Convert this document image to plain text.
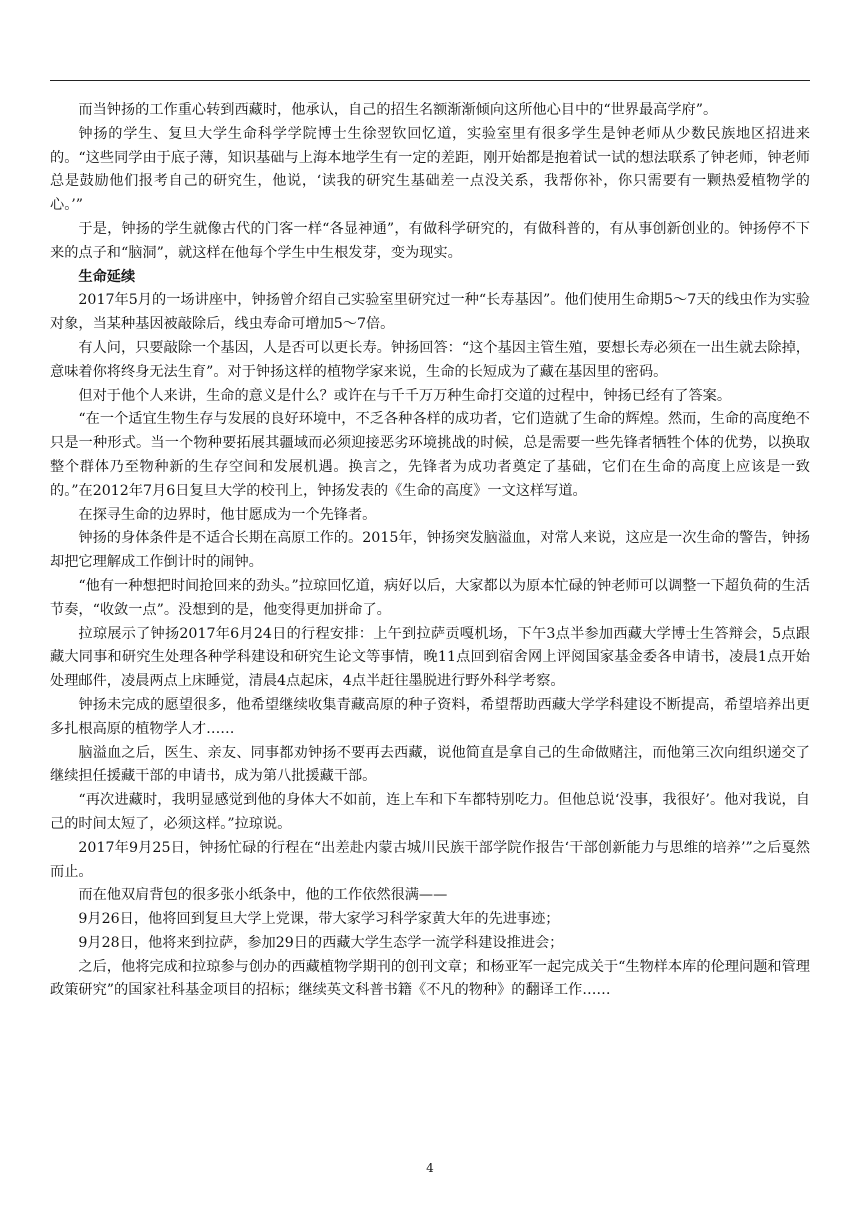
而当钟扬的工作重心转到西藏时，他承认，自己的招生名额渐渐倾向这所他心目中的“世界最高学府”。

钟扬的学生、复旦大学生命科学学院博士生徐翌钦回忆道，实验室里有很多学生是钟老师从少数民族地区招进来的。“这些同学由于底子薄，知识基础与上海本地学生有一定的差距，刚开始都是抱着试一试的想法联系了钟老师，钟老师总是鼓励他们报考自己的研究生，他说，‘读我的研究生基础差一点没关系，我帮你补，你只需要有一颗热爱植物学的心。’”

于是，钟扬的学生就像古代的门客一样“各显神通”，有做科学研究的，有做科普的，有从事创新创业的。钟扬停不下来的点子和“脑洞”，就这样在他每个学生中生根发芽，变为现实。

生命延续

2017年5月的一场讲座中，钟扬曾介绍自己实验室里研究过一种“长寿基因”。他们使用生命期5～7天的线虫作为实验对象，当某种基因被敲除后，线虫寿命可增加5～7倍。

有人问，只要敲除一个基因，人是否可以更长寿。钟扬回答：“这个基因主管生殖，要想长寿必须在一出生就去除掉，意味着你将终身无法生育”。对于钟扬这样的植物学家来说，生命的长短成为了藏在基因里的密码。

但对于他个人来讲，生命的意义是什么？或许在与千千万万种生命打交道的过程中，钟扬已经有了答案。

“在一个适宜生物生存与发展的良好环境中，不乏各种各样的成功者，它们造就了生命的辉煌。然而，生命的高度绝不只是一种形式。当一个物种要拓展其疆域而必须迎接恶劣环境挑战的时候，总是需要一些先锋者牺牲个体的优势，以换取整个群体乃至物种新的生存空间和发展机遇。换言之，先锋者为成功者奠定了基础，它们在生命的高度上应该是一致的。”在2012年7月6日复旦大学的校刊上，钟扬发表的《生命的高度》一文这样写道。

在探寻生命的边界时，他甘愿成为一个先锋者。

钟扬的身体条件是不适合长期在高原工作的。2015年，钟扬突发脑溢血，对常人来说，这应是一次生命的警告，钟扬却把它理解成工作倒计时的闹钟。

“他有一种想把时间抢回来的劲头。”拉琼回忆道，病好以后，大家都以为原本忙碌的钟老师可以调整一下超负荷的生活节奏，“收敛一点”。没想到的是，他变得更加拼命了。

拉琼展示了钟扬2017年6月24日的行程安排：上午到拉萨贡嘎机场，下午3点半参加西藏大学博士生答辩会，5点跟藏大同事和研究生处理各种学科建设和研究生论文等事情，晚11点回到宿舍网上评阅国家基金委各申请书，凌晨1点开始处理邮件，凌晨两点上床睡觉，清晨4点起床，4点半赶往墨脱进行野外科学考察。

钟扬未完成的愿望很多，他希望继续收集青藏高原的种子资料，希望帮助西藏大学学科建设不断提高，希望培养出更多扎根高原的植物学人才……

脑溢血之后，医生、亲友、同事都劝钟扬不要再去西藏，说他简直是拿自己的生命做赌注，而他第三次向组织递交了继续担任援藏干部的申请书，成为第八批援藏干部。

“再次进藏时，我明显感觉到他的身体大不如前，连上车和下车都特别吃力。但他总说‘没事，我很好’。他对我说，自己的时间太短了，必须这样。”拉琼说。

2017年9月25日，钟扬忙碌的行程在“出差赴内蒙古城川民族干部学院作报告‘干部创新能力与思维的培养’”之后戛然而止。

而在他双肩背包的很多张小纸条中，他的工作依然很满——

9月26日，他将回到复旦大学上党课，带大家学习科学家黄大年的先进事迹；

9月28日，他将来到拉萨，参加29日的西藏大学生态学一流学科建设推进会；

之后，他将完成和拉琼参与创办的西藏植物学期刊的创刊文章；和杨亚军一起完成关于“生物样本库的伦理问题和管理政策研究”的国家社科基金项目的招标；继续英文科普书籍《不凡的物种》的翻译工作……

4
